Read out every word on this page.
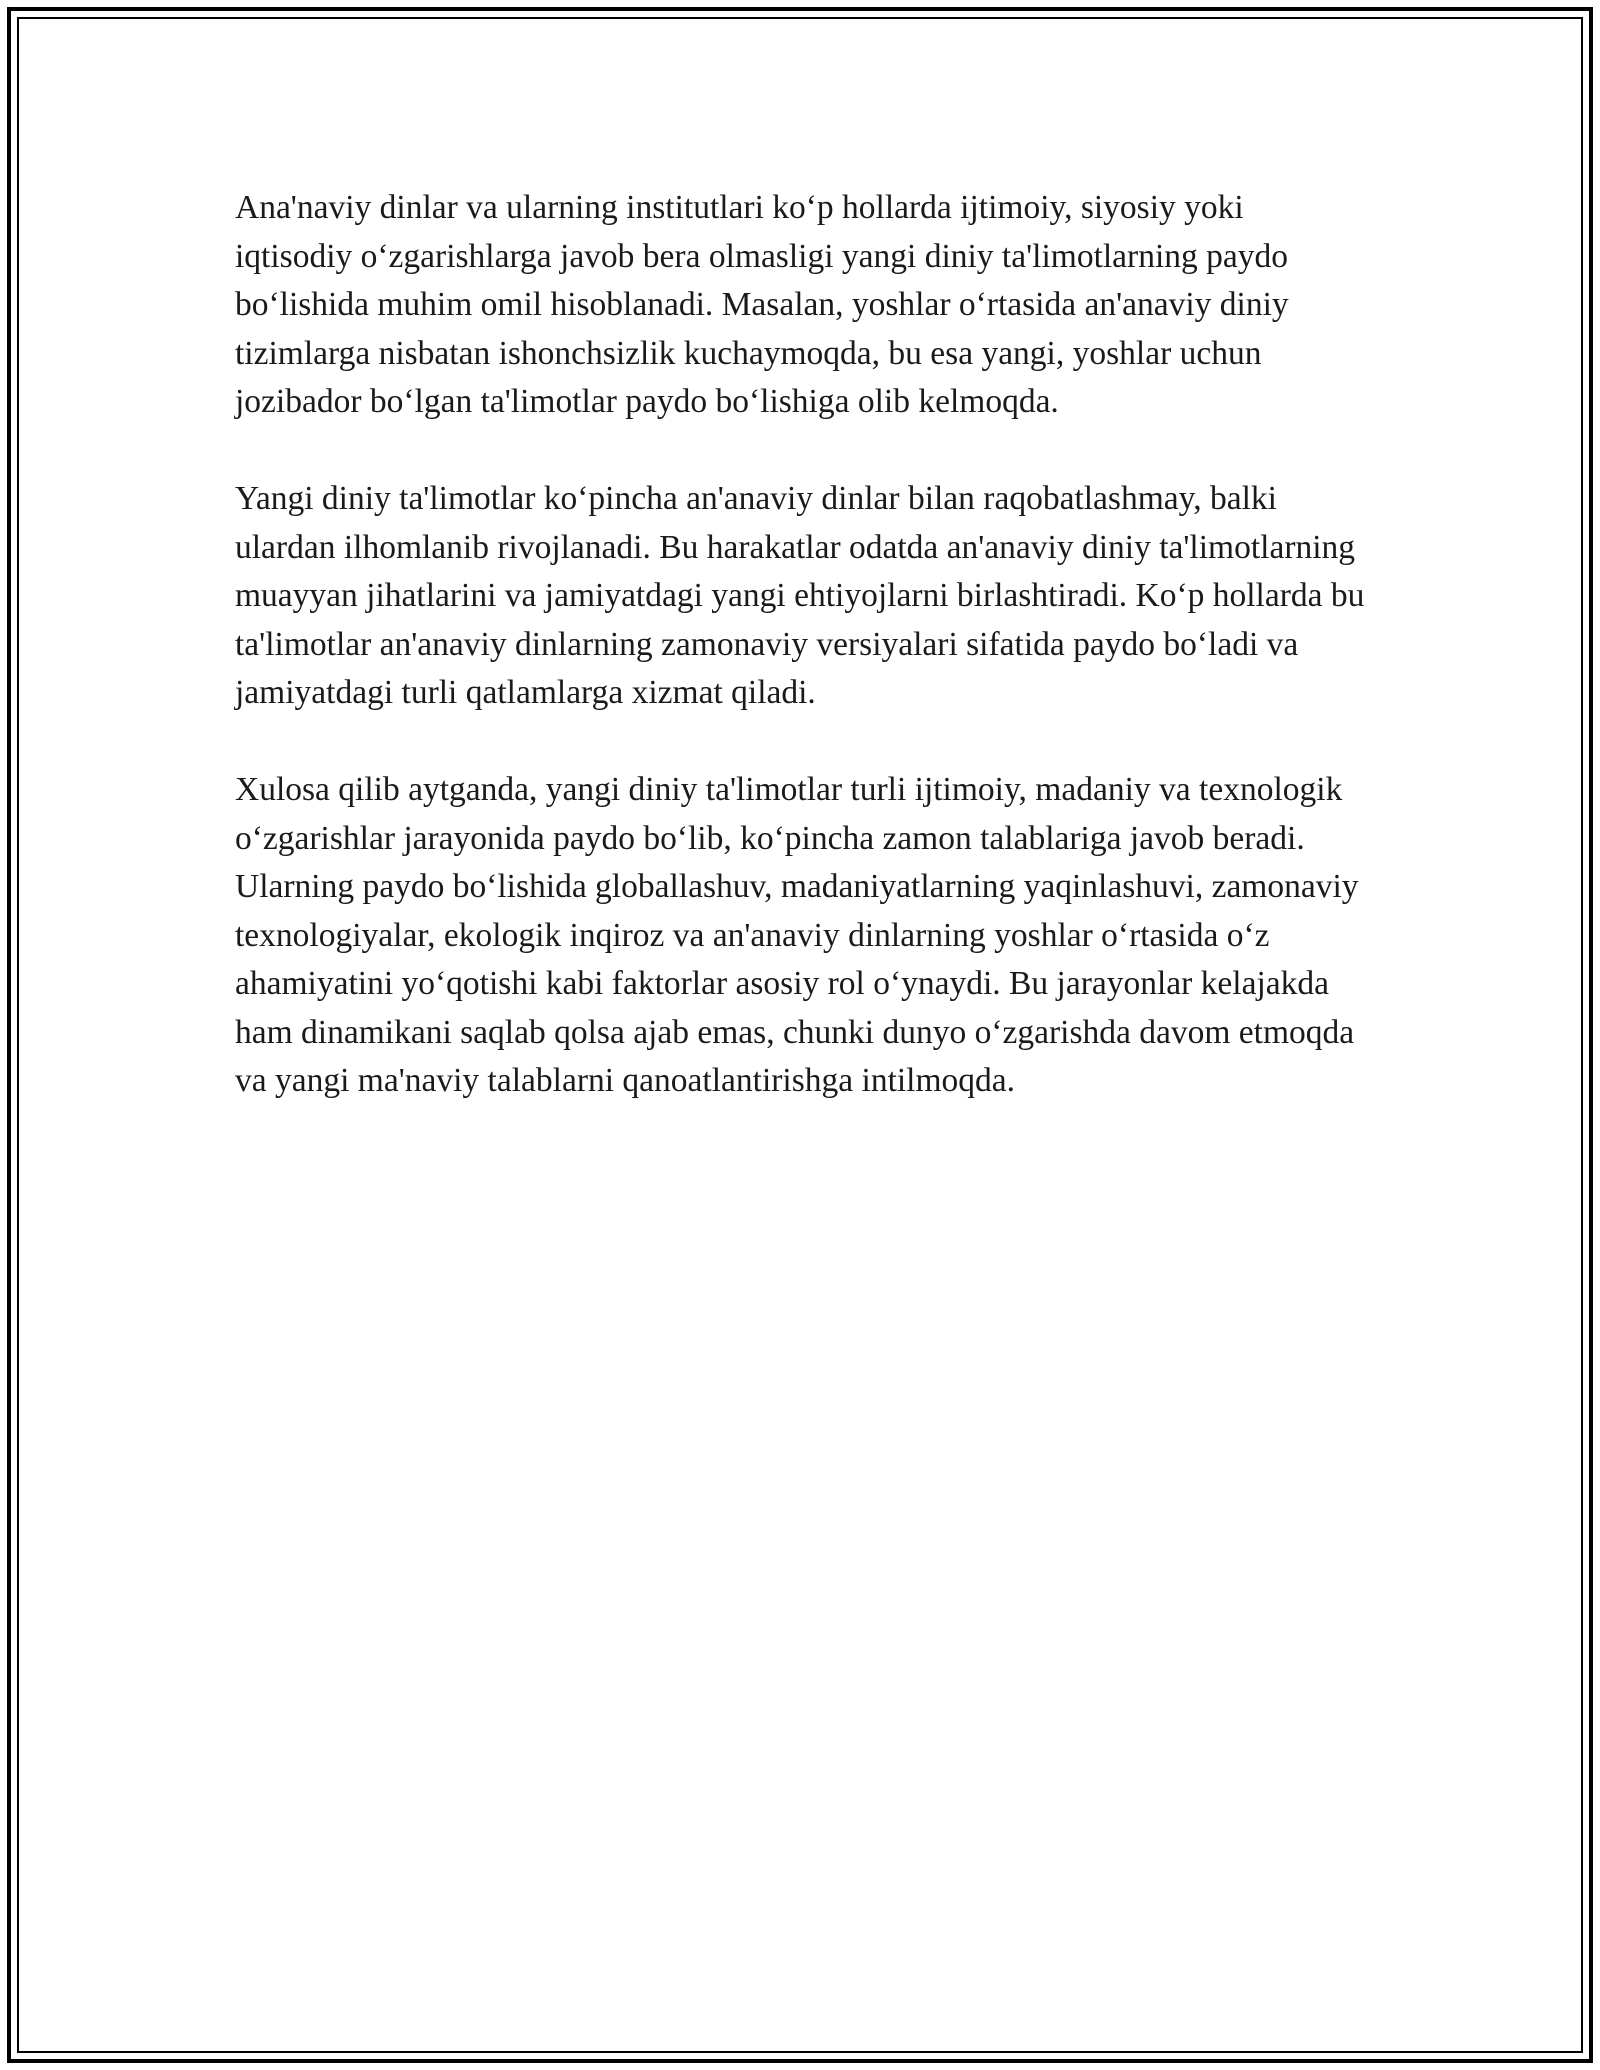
Ana'naviy dinlar va ularning institutlari koʻp hollarda ijtimoiy, siyosiy yoki iqtisodiy oʻzgarishlarga javob bera olmasligi yangi diniy ta'limotlarning paydo boʻlishida muhim omil hisoblanadi. Masalan, yoshlar oʻrtasida an'anaviy diniy tizimlarga nisbatan ishonchsizlik kuchaymoqda, bu esa yangi, yoshlar uchun jozibador boʻlgan ta'limotlar paydo boʻlishiga olib kelmoqda.

Yangi diniy ta'limotlar koʻpincha an'anaviy dinlar bilan raqobatlashmay, balki ulardan ilhomlanib rivojlanadi. Bu harakatlar odatda an'anaviy diniy ta'limotlarning muayyan jihatlarini va jamiyatdagi yangi ehtiyojlarni birlashtiradi. Koʻp hollarda bu ta'limotlar an'anaviy dinlarning zamonaviy versiyalari sifatida paydo boʻladi va jamiyatdagi turli qatlamlarga xizmat qiladi.

Xulosa qilib aytganda, yangi diniy ta'limotlar turli ijtimoiy, madaniy va texnologik oʻzgarishlar jarayonida paydo boʻlib, koʻpincha zamon talablariga javob beradi. Ularning paydo boʻlishida globallashuv, madaniyatlarning yaqinlashuvi, zamonaviy texnologiyalar, ekologik inqiroz va an'anaviy dinlarning yoshlar oʻrtasida oʻz ahamiyatini yoʻqotishi kabi faktorlar asosiy rol oʻynaydi. Bu jarayonlar kelajakda ham dinamikani saqlab qolsa ajab emas, chunki dunyo oʻzgarishda davom etmoqda va yangi ma'naviy talablarni qanoatlantirishga intilmoqda.
